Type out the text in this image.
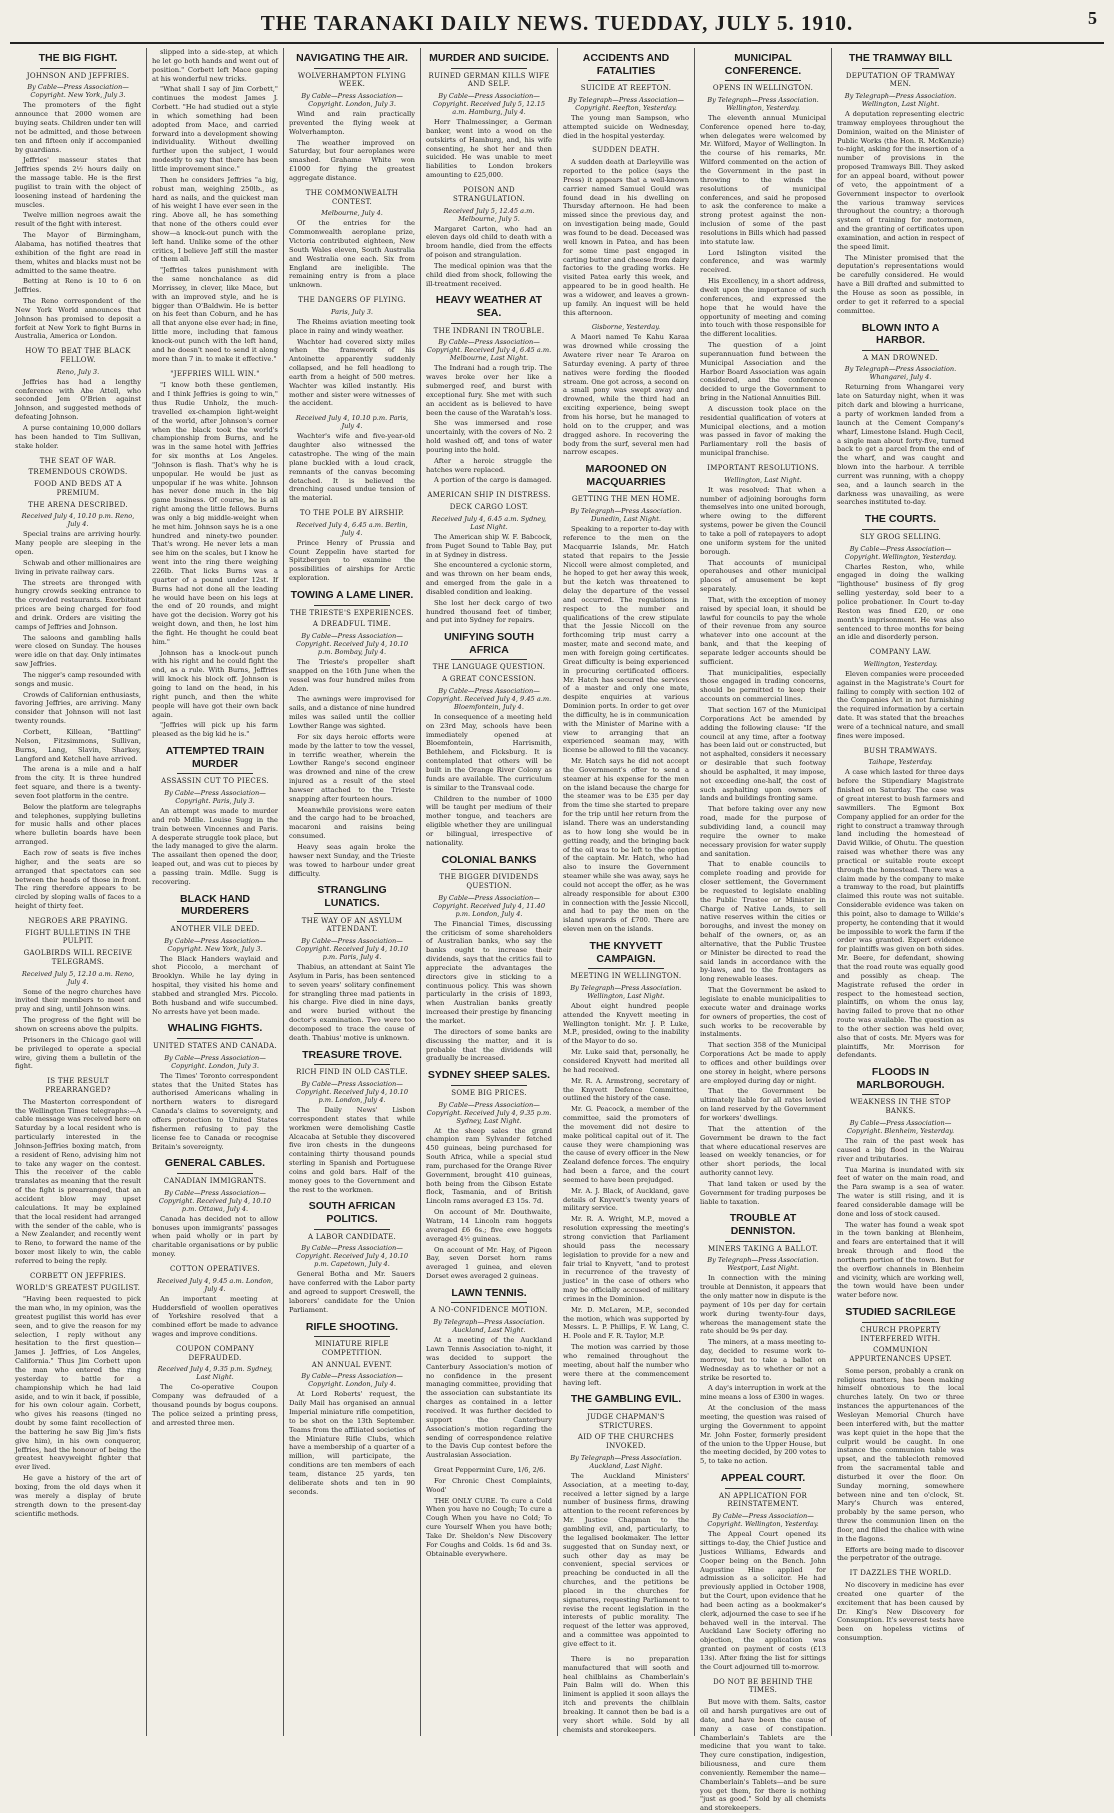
THE TARANAKI DAILY NEWS. TUEDDAY, JULY 5. 1910.	5
THE BIG FIGHT.
JOHNSON AND JEFFRIES.
By Cable—Press Association—Copyright. New York, July 3.

The promoters of the fight announce that 2000 women are buying seats. Children under ten will not be admitted, and those between ten and fifteen only if accompanied by guardians.

Jeffries' masseur states that Jeffries spends 2½ hours daily on the massage table. He is the first pugilist to train with the object of loosening instead of hardening the muscles.

Twelve million negroes await the result of the fight with interest.

The Mayor of Birmingham, Alabama, has notified theatres that exhibition of the fight are read in them, whites and blacks must not be admitted to the same theatre.

Betting at Reno is 10 to 6 on Jeffries.

The Reno correspondent of the New York World announces that Johnson has promised to deposit a forfeit at New York to fight Burns in Australia, America or London.

HOW TO BEAT THE BLACK FELLOW.
Reno, July 3.

Jeffries has had a lengthy conference with Abe Attell, who seconded Jem O'Brien against Johnson, and suggested methods of defeating Johnson.

A purse containing 10,000 dollars has been handed to Tim Sullivan, stake holder.

THE SEAT OF WAR.
TREMENDOUS CROWDS.
FOOD AND BEDS AT A PREMIUM.
THE ARENA DESCRIBED.
Received July 4, 10.10 p.m. Reno, July 4.

Special trains are arriving hourly. Many people are sleeping in the open.

Schwab and other millionaires are living in private railway cars.

The streets are thronged with hungry crowds seeking entrance to the crowded restaurants. Exorbitant prices are being charged for food and drink. Orders are visiting the camps of Jeffries and Johnson.

The saloons and gambling halls were closed on Sunday. The houses were idle on that day. Only intimates saw Jeffries.

The nigger's camp resounded with songs and music.

Crowds of Californian enthusiasts, favoring Jeffries, are arriving. Many consider that Johnson will not last twenty rounds.

Corbett, Killean, "Battling" Nelson, Fitzsimmons, Sullivan, Burns, Lang, Slavin, Sharkey, Langford and Ketchell have arrived.

The arena is a mile and a half from the city. It is three hundred feet square, and there is a twenty-seven foot platform in the centre.

Below the platform are telegraphs and telephones, supplying bulletins for music halls and other places where bulletin boards have been arranged.

Each row of seats is five inches higher, and the seats are so arranged that spectators can see between the heads of those in front. The ring therefore appears to be circled by sloping walls of faces to a height of thirty feet.

NEGROES ARE PRAYING.
FIGHT BULLETINS IN THE PULPIT.
GAOLBIRDS WILL RECEIVE TELEGRAMS.
Received July 5, 12.10 a.m. Reno, July 4.

Some of the negro churches have invited their members to meet and pray and sing, until Johnson wins.

The progress of the fight will be shown on screens above the pulpits.

Prisoners in the Chicago gaol will be privileged to operate a special wire, giving them a bulletin of the fight.

IS THE RESULT PREARRANGED?

The Masterton correspondent of the Wellington Times telegraphs:—A cable message was received here on Saturday by a local resident who is particularly interested in the Johnson-Jeffries boxing match, from a resident of Reno, advising him not to take any wager on the contest. This the receiver of the cable translates as meaning that the result of the fight is prearranged, that an accident blow may upset calculations. It may be explained that the local resident had arranged with the sender of the cable, who is a New Zealander, and recently went to Reno, to forward the name of the boxer most likely to win, the cable referred to being the reply.

CORBETT ON JEFFRIES.
WORLD'S GREATEST PUGILIST.

"Having been requested to pick the man who, in my opinion, was the greatest pugilist this world has ever seen, and to give the reason for my selection, I reply without any hesitation to the first question—James J. Jeffries, of Los Angeles, California." Thus Jim Corbett upon the man who entered the ring yesterday to battle for a championship which he had laid aside, and to win it back, if possible, for his own colour again. Corbett, who gives his reasons (tinged no doubt by some faint recollection of the battering he saw Big Jim's fists give him), in his own conqueror, Jeffries, had the honour of being the greatest heavyweight fighter that ever lived.

He gave a history of the art of boxing, from the old days when it was merely a display of brute strength down to the present-day scientific methods.

slipped into a side-step, at which he let go both hands and went out of position." Corbett left Mace gaping at his wonderful new tricks.

"What shall I say of Jim Corbett," continues the modest James J. Corbett. "He had studied out a style in which something had been adopted from Mace, and carried forward into a development showing individuality. Without dwelling further upon the subject, I would modestly to say that there has been little improvement since."

Then he considers Jeffries "a big, robust man, weighing 250lb., as hard as nails, and the quickest man of his weight I have ever seen in the ring. Above all, he has something that none of the others could ever show—a knock-out punch with the left hand. Unlike some of the other critics, I believe Jeff still the master of them all.

"Jeffries takes punishment with the same nonchalance as did Morrissey, in clever, like Mace, but with an improved style, and he is bigger than O'Baldwin. He is better on his feet than Coburn, and he has all that anyone else ever had; in fine, little more, including that famous knock-out punch with the left hand, and he doesn't need to send it along more than 7 in. to make it effective."

"JEFFRIES WILL WIN."

"I know both these gentlemen, and I think Jeffries is going to win," thus Rudie Unholz, the much-travelled ex-champion light-weight of the world, after Johnson's corner when the black took the world's championship from Burns, and he was in the same hotel with Jeffries for six months at Los Angeles. "Johnson is flash. That's why he is unpopular. He would be just as unpopular if he was white. Johnson has never done much in the big game business. Of course, he is all right among the little fellows. Burns was only a big middle-weight when he met him. Johnson says he is a one hundred and ninety-two pounder. That's wrong. He never lets a man see him on the scales, but I know he went into the ring there weighing 226lb. That licks Burns was a quarter of a pound under 12st. If Burns had not done all the leading he would have been on his legs at the end of 20 rounds, and might have got the decision. Worry got his weight down, and then, he lost him the fight. He thought he could beat him."

Johnson has a knock-out punch with his right and he could fight the end, as a rule. With Burns, Jeffries will knock his block off. Johnson is going to land on the head, in his right punch, and then the white people will have got their own back again.

"Jeffries will pick up his farm pleased as the big kid he is."

ATTEMPTED TRAIN MURDER
ASSASSIN CUT TO PIECES.
By Cable—Press Association—Copyright. Paris, July 3.

An attempt was made to murder and rob Mdlle. Louise Sugg in the train between Vincennes and Paris. A desperate struggle took place, but the lady managed to give the alarm. The assailant then opened the door, leaped out, and was cut to pieces by a passing train. Mdlle. Sugg is recovering.

BLACK HAND MURDERERS
ANOTHER VILE DEED.
By Cable—Press Association—Copyright. New York, July 3.

The Black Handers waylaid and shot Piccolo, a merchant of Brooklyn. While he lay dying in hospital, they visited his home and stabbed and strangled Mrs. Piccolo. Both husband and wife succumbed. No arrests have yet been made.

WHALING FIGHTS.
UNITED STATES AND CANADA.
By Cable—Press Association—Copyright. London, July 3.

The Times' Toronto correspondent states that the United States has authorised Americans whaling in northern waters to disregard Canada's claims to sovereignty, and offers protection to United States fishermen refusing to pay the license fee to Canada or recognise Britain's sovereignty.

GENERAL CABLES.
CANADIAN IMMIGRANTS.
By Cable—Press Association—Copyright. Received July 4, 10.10 p.m. Ottawa, July 4.

Canada has decided not to allow bonuses upon immigrants' passages when paid wholly or in part by charitable organisations or by public money.

COTTON OPERATIVES.
Received July 4, 9.45 a.m. London, July 4.

An important meeting at Huddersfield of woollen operatives of Yorkshire resolved that a combined effort be made to advance wages and improve conditions.

COUPON COMPANY DEFRAUDED.
Received July 4, 9.35 p.m. Sydney, Last Night.

The Co-operative Coupon Company was defrauded of a thousand pounds by bogus coupons. The police seized a printing press, and arrested three men.

NAVIGATING THE AIR.
WOLVERHAMPTON FLYING WEEK.
By Cable—Press Association—Copyright. London, July 3.

Wind and rain practically prevented the flying week at Wolverhampton.

The weather improved on Saturday, but four aeroplanes were smashed. Grahame White won £1000 for flying the greatest aggregate distance.

THE COMMONWEALTH CONTEST.
Melbourne, July 4.

Of the entries for the Commonwealth aeroplane prize, Victoria contributed eighteen, New South Wales eleven, South Australia and Westralia one each. Six from England are ineligible. The remaining entry is from a place unknown.

THE DANGERS OF FLYING.
Paris, July 3.

The Rheims aviation meeting took place in rainy and windy weather.

Wachter had covered sixty miles when the framework of his Antoinette apparently suddenly collapsed, and he fell headlong to earth from a height of 500 metres. Wachter was killed instantly. His mother and sister were witnesses of the accident.

Received July 4, 10.10 p.m. Paris, July 4.

Wachter's wife and five-year-old daughter also witnessed the catastrophe. The wing of the main plane buckled with a loud crack, remnants of the canvas becoming detached. It is believed the drenching caused undue tension of the material.

TO THE POLE BY AIRSHIP.
Received July 4, 6.45 a.m. Berlin, July 4.

Prince Henry of Prussia and Count Zeppelin have started for Spitzbergen to examine the possibilities of airships for Arctic exploration.

TOWING A LAME LINER.
THE TRIESTE'S EXPERIENCES.
A DREADFUL TIME.
By Cable—Press Association—Copyright. Received July 4, 10.10 p.m. Bombay, July 4.

The Trieste's propeller shaft snapped on the 16th June when the vessel was four hundred miles from Aden.

The awnings were improvised for sails, and a distance of nine hundred miles was sailed until the collier Lowther Range was sighted.

For six days heroic efforts were made by the latter to tow the vessel, in terrific weather, wherein the Lowther Range's second engineer was drowned and nine of the crew injured as a result of the steel hawser attached to the Trieste snapping after fourteen hours.

Meanwhile provisions were eaten and the cargo had to be broached, macaroni and raisins being consumed.

Heavy seas again broke the hawser next Sunday, and the Trieste was towed to harbour under great difficulty.

STRANGLING LUNATICS.
THE WAY OF AN ASYLUM ATTENDANT.
By Cable—Press Association—Copyright. Received July 4, 10.10 p.m. Paris, July 4.

Thabius, an attendant at Saint Yle Asylum in Paris, has been sentenced to seven years' solitary confinement for strangling three mad patients in his charge. Five died in nine days, and were buried without the doctor's examination. Two were too decomposed to trace the cause of death. Thabius' motive is unknown.

TREASURE TROVE.
RICH FIND IN OLD CASTLE.
By Cable—Press Association—Copyright. Received July 4, 10.10 p.m. London, July 4.

The Daily News' Lisbon correspondent states that while workmen were demolishing Castle Alcacaba at Setuble they discovered five iron chests in the dungeons containing thirty thousand pounds sterling in Spanish and Portuguese coins and gold bars. Half of the money goes to the Government and the rest to the workmen.

SOUTH AFRICAN POLITICS.
A LABOR CANDIDATE.
By Cable—Press Association—Copyright. Received July 4, 10.10 p.m. Capetown, July 4.

General Botha and Mr. Sauers have conferred with the Labor party and agreed to support Creswell, the laborers' candidate for the Union Parliament.

RIFLE SHOOTING.
MINIATURE RIFLE COMPETITION.
AN ANNUAL EVENT.
By Cable—Press Association—Copyright. London, July 4.

At Lord Roberts' request, the Daily Mail has organised an annual Imperial miniature rifle competition, to be shot on the 13th September. Teams from the affiliated societies of the Miniature Rifle Clubs, which have a membership of a quarter of a million, will participate, the conditions are ten members of each team, distance 25 yards, ten deliberate shots and ten in 90 seconds.

MURDER AND SUICIDE.
RUINED GERMAN KILLS WIFE AND SELF.
By Cable—Press Association—Copyright. Received July 5, 12.15 a.m. Hamburg, July 4.

Herr Thalmessinger, a German banker, went into a wood on the outskirts of Hamburg, and, his wife consenting, he shot her and then suicided. He was unable to meet liabilities to London brokers amounting to £25,000.

POISON AND STRANGULATION.
Received July 5, 12.45 a.m. Melbourne, July 5.

Margaret Carton, who had an eleven days old child to death with a broom handle, died from the effects of poison and strangulation.

The medical opinion was that the child died from shock, following the ill-treatment received.

HEAVY WEATHER AT SEA.
THE INDRANI IN TROUBLE.
By Cable—Press Association—Copyright. Received July 4, 6.45 a.m. Melbourne, Last Night.

The Indrani had a rough trip. The waves broke over her like a submerged reef, and burst with exceptional fury. She met with such an accident as is believed to have been the cause of the Waratah's loss.

She was immersed and rose uncertainly, with the covers of No. 2 hold washed off, and tons of water pouring into the hold.

After a heroic struggle the hatches were replaced.

A portion of the cargo is damaged.

AMERICAN SHIP IN DISTRESS.
DECK CARGO LOST.
Received July 4, 6.45 a.m. Sydney, Last Night.

The American ship W. F. Babcock, from Puget Sound to Table Bay, put in at Sydney in distress.

She encountered a cyclonic storm, and was thrown on her beam ends, and emerged from the gale in a disabled condition and leaking.

She lost her deck cargo of two hundred thousand feet of timber, and put into Sydney for repairs.

UNIFYING SOUTH AFRICA
THE LANGUAGE QUESTION.
A GREAT CONCESSION.
By Cable—Press Association—Copyright. Received July 4, 9.45 a.m. Bloemfontein, July 4.

In consequence of a meeting held on 23rd May, schools have been immediately opened at Bloemfontein, Harrismith, Bethlehem, and Ficksburg. It is contemplated that others will be built in the Orange River Colony as funds are available. The curriculum is similar to the Transvaal code.

Children to the number of 1000 will be taught per medium of their mother tongue, and teachers are eligible whether they are unilingual or bilingual, irrespective of nationality.

COLONIAL BANKS
THE BIGGER DIVIDENDS QUESTION.
By Cable—Press Association—Copyright. Received July 4, 11.40 p.m. London, July 4.

The Financial Times, discussing the criticism of some shareholders of Australian banks, who say the banks ought to increase their dividends, says that the critics fail to appreciate the advantages the directors give in sticking to a continuous policy. This was shown particularly in the crisis of 1893, when Australian banks greatly increased their prestige by financing the market.

The directors of some banks are discussing the matter, and it is probable that the dividends will gradually be increased.

SYDNEY SHEEP SALES.
SOME BIG PRICES.
By Cable—Press Association—Copyright. Received July 4, 9.35 p.m. Sydney, Last Night.

At the sheep sales the grand champion ram Sylvander fetched 450 guineas, being purchased for South Africa, while a special stud ram, purchased for the Orange River Government, brought 410 guineas, both being from the Gibson Estate flock, Tasmania, and of British Lincoln rams averaged £3 15s. 7d.

On account of Mr. Douthwaite, Watram, 14 Lincoln ram hoggets averaged £6 6s.; five ewe hoggets averaged 4½ guineas.

On account of Mr. Hay, of Pigeon Bay, seven Dorset horn rams averaged 1 guinea, and eleven Dorset ewes averaged 2 guineas.

LAWN TENNIS.
A NO-CONFIDENCE MOTION.
By Telegraph—Press Association. Auckland, Last Night.

At a meeting of the Auckland Lawn Tennis Association to-night, it was decided to support the Canterbury Association's motion of no confidence in the present managing committee, providing that the association can substantiate its charges as contained in a letter received. It was further decided to support the Canterbury Association's motion regarding the sending of correspondence relative to the Davis Cup contest before the Australasian Association.

Great Peppermint Cure, 1/6, 2/6.

For Chronic Chest Complaints, Wood'

THE ONLY CURE. To cure a Cold When you have no Cough; To cure a Cough When you have no Cold; To cure Yourself When you have both; Take Dr. Sheldon's New Discovery For Coughs and Colds. 1s 6d and 3s. Obtainable everywhere.

ACCIDENTS AND FATALITIES
SUICIDE AT REEFTON.
By Telegraph—Press Association—Copyright. Reefton, Yesterday.

The young man Sampson, who attempted suicide on Wednesday, died in the hospital yesterday.

SUDDEN DEATH.

A sudden death at Darleyville was reported to the police (says the Press) it appears that a well-known carrier named Samuel Gould was found dead in his dwelling on Thursday afternoon. He had been missed since the previous day, and on investigation being made, Gould was found to be dead. Deceased was well known in Patea, and has been for some time past engaged in carting butter and cheese from dairy factories to the grading works. He visited Patea early this week, and appeared to be in good health. He was a widower, and leaves a grown-up family. An inquest will be held this afternoon.

Gisborne, Yesterday.

A Maori named Te Kahu Karaa was drowned while crossing the Awatere river near Te Araroa on Saturday evening. A party of three natives were fording the flooded stream. One got across, a second on a small pony was swept away and drowned, while the third had an exciting experience, being swept from his horse, but he managed to hold on to the crupper, and was dragged ashore. In recovering the body from the surf, several men had narrow escapes.

MAROONED ON MACQUARRIES
GETTING THE MEN HOME.
By Telegraph—Press Association. Dunedin, Last Night.

Speaking to a reporter to-day with reference to the men on the Macquarrie Islands, Mr. Hatch stated that repairs to the Jessie Niccoll were almost completed, and he hoped to get her away this week, but the ketch was threatened to delay the departure of the vessel and occurred. The regulations in respect to the number and qualifications of the crew stipulate that the Jessie Niccoll on the forthcoming trip must carry a master, mate and second mate, and men with foreign going certificates. Great difficulty is being experienced in procuring certificated officers. Mr. Hatch has secured the services of a master and only one mate, despite enquiries at various Dominion ports. In order to get over the difficulty, he is in communication with the Minister of Marine with a view to arranging that an experienced seaman may, with license be allowed to fill the vacancy.

Mr. Hatch says he did not accept the Government's offer to send a steamer at his expense for the men on the island because the charge for the steamer was to be £35 per day from the time she started to prepare for the trip until her return from the island. There was an understanding as to how long she would be in getting ready, and the bringing back of the oil was to be left to the option of the captain. Mr. Hatch, who had also to insure the Government steamer while she was away, says he could not accept the offer, as he was already responsible for about £300 in connection with the Jessie Niccoll, and had to pay the men on the island upwards of £700. There are eleven men on the islands.

THE KNYVETT CAMPAIGN.
MEETING IN WELLINGTON.
By Telegraph—Press Association. Wellington, Last Night.

About eight hundred people attended the Knyvett meeting in Wellington tonight. Mr. J. P. Luke, M.P., presided, owing to the inability of the Mayor to do so.

Mr. Luke said that, personally, he considered Knyvett had merited all he had received.

Mr. R. A. Armstrong, secretary of the Knyvett Defence Committee, outlined the history of the case.

Mr. G. Peacock, a member of the committee, said the promoters of the movement did not desire to make political capital out of it. The cause they were championing was the cause of every officer in the New Zealand defence forces. The enquiry had been a farce, and the court seemed to have been prejudged.

Mr. A. J. Black, of Auckland, gave details of Knyvett's twenty years of military service.

Mr. R. A. Wright, M.P., moved a resolution expressing the meeting's strong conviction that Parliament should pass the necessary legislation to provide for a new and fair trial to Knyvett, "and to protest in recurrence of the travesty of justice" in the case of others who may be officially accused of military crimes in the Dominion.

Mr. D. McLaren, M.P., seconded the motion, which was supported by Messrs. L. P. Phillips, F. W. Lang, C. H. Poole and F. R. Taylor, M.P.

The motion was carried by those who remained throughout the meeting, about half the number who were there at the commencement having left.

THE GAMBLING EVIL.
JUDGE CHAPMAN'S STRICTURES.
AID OF THE CHURCHES INVOKED.
By Telegraph—Press Association. Auckland, Last Night.

The Auckland Ministers' Association, at a meeting to-day, received a letter signed by a large number of business firms, drawing attention to the recent references by Mr. Justice Chapman to the gambling evil, and, particularly, to the legalised bookmaker. The letter suggested that on Sunday next, or such other day as may be convenient, special services or preaching be conducted in all the churches, and the petitions be placed in the churches for signatures, requesting Parliament to revise the recent legislation in the interests of public morality. The request of the letter was approved, and a committee was appointed to give effect to it.

There is no preparation manufactured that will sooth and heal chilblains as Chamberlain's Pain Balm will do. When this liniment is applied it soon allays the itch and prevents the chilblain breaking. It cannot then be bad is a very short while. Sold by all chemists and storekeepers.

MUNICIPAL CONFERENCE.
OPENS IN WELLINGTON.
By Telegraph—Press Association. Wellington, Yesterday.

The eleventh annual Municipal Conference opened here to-day, when delegates were welcomed by Mr. Wilford, Mayor of Wellington. In the course of his remarks, Mr. Wilford commented on the action of the Government in the past in throwing to the winds the resolutions of municipal conferences, and said he proposed to ask the conference to make a strong protest against the non-inclusion of some of the past resolutions in Bills which had passed into statute law.

Lord Islington visited the conference, and was warmly received.

His Excellency, in a short address, dwelt upon the importance of such conferences, and expressed the hope that he would have the opportunity of meeting and coming into touch with those responsible for the different localities.

The question of a joint superannuation fund between the Municipal Association and the Harbor Board Association was again considered, and the conference decided to urge the Government to bring in the National Annuities Bill.

A discussion took place on the residential qualification of voters at Municipal elections, and a motion was passed in favor of making the Parliamentary roll the basis of municipal franchise.

IMPORTANT RESOLUTIONS.
Wellington, Last Night.

It was resolved: That when a number of adjoining boroughs form themselves into one united borough, where owing to the different systems, power be given the Council to take a poll of ratepayers to adopt one uniform system for the united borough.

That accounts of municipal operahouses and other municipal places of amusement be kept separately.

That, with the exception of money raised by special loan, it should be lawful for councils to pay the whole of their revenue from any source whatever into one account at the bank, and that the keeping of separate ledger accounts should be sufficient.

That municipalities, especially those engaged in trading concerns, should be permitted to keep their accounts on commercial lines.

That section 167 of the Municipal Corporations Act be amended by adding the following clause: "If the council at any time, after a footway has been laid out or constructed, but not asphalted, considers it necessary or desirable that such footway should be asphalted, it may impose, not exceeding one-half, the cost of such asphalting upon owners of lands and buildings fronting same.

That before taking over any new road, made for the purpose of subdividing land, a council may require the owner to make necessary provision for water supply and sanitation.

That to enable councils to complete roading and provide for closer settlement, the Government be requested to legislate enabling the Public Trustee or Minister in Charge of Native Lands, to sell native reserves within the cities or boroughs, and invest the money on behalf of the owners, or, as an alternative, that the Public Trustee or Minister be directed to read the said lands in accordance with the by-laws, and to the frontagers as long renewable leases.

That the Government be asked to legislate to enable municipalities to execute water and drainage works for owners of properties, the cost of such works to be recoverable by instalments.

That section 358 of the Municipal Corporations Act be made to apply to offices and other buildings over one storey in height, where persons are employed during day or night.

That the Government be ultimately liable for all rates levied on land reserved by the Government for workers' dwellings.

That the attention of the Government be drawn to the fact that where educational reserves are leased on weekly tenancies, or for other short periods, the local authority cannot levy.

That land taken or used by the Government for trading purposes be liable to taxation.

TROUBLE AT DENNISTON.
MINERS TAKING A BALLOT.
By Telegraph—Press Association. Westport, Last Night.

In connection with the mining trouble at Denniston, it appears that the only matter now in dispute is the payment of 10s per day for certain work during twenty-four days, whereas the management state the rate should be 9s per day.

The miners, at a mass meeting to-day, decided to resume work to-morrow, but to take a ballot on Wednesday as to whether or not a strike be resorted to.

A day's interruption in work at the mine means a loss of £300 in wages.

At the conclusion of the mass meeting, the question was raised of urging the Government to appoint Mr. John Foster, formerly president of the union to the Upper House, but the meeting decided, by 200 votes to 5, to take no action.

APPEAL COURT.
AN APPLICATION FOR REINSTATEMENT.
By Cable—Press Association—Copyright. Wellington, Yesterday.

The Appeal Court opened its sittings to-day, the Chief Justice and Justices Williams, Edwards and Cooper being on the Bench. John Augustine Hine applied for admission as a solicitor. He had previously applied in October 1908, but the Court, upon evidence that he had been acting as a bookmaker's clerk, adjourned the case to see if he behaved well in the interval. The Auckland Law Society offering no objection, the application was granted on payment of costs (£13 13s). After fixing the list for sittings the Court adjourned till to-morrow.

DO NOT BE BEHIND THE TIMES.

But move with them. Salts, castor oil and harsh purgatives are out of date, and have been the cause of many a case of constipation. Chamberlain's Tablets are the medicine that you want to take. They cure constipation, indigestion, biliousness, and cure them conveniently. Remember the name—Chamberlain's Tablets—and be sure you get them, for there is nothing "just as good." Sold by all chemists and storekeepers.

THE TRAMWAY BILL
DEPUTATION OF TRAMWAY MEN.
By Telegraph—Press Association. Wellington, Last Night.

A deputation representing electric tramway employees throughout the Dominion, waited on the Minister of Public Works (the Hon. R. McKenzie) to-night, asking for the insertion of a number of provisions in the proposed Tramways Bill. They asked for an appeal board, without power of veto, the appointment of a Government inspector to overlook the various tramway services throughout the country; a thorough system of training for motormen, and the granting of certificates upon examination, and action in respect of the speed limit.

The Minister promised that the deputation's representations would be carefully considered. He would have a Bill drafted and submitted to the House as soon as possible, in order to get it referred to a special committee.

BLOWN INTO A HARBOR.
A MAN DROWNED.
By Telegraph—Press Association. Whangarei, July 4.

Returning from Whangarei very late on Saturday night, when it was pitch dark and blowing a hurricane, a party of workmen landed from a launch at the Cement Company's wharf, Limestone Island. Hugh Cecil, a single man about forty-five, turned back to get a parcel from the end of the wharf, and was caught and blown into the harbour. A terrible current was running, with a choppy sea, and a launch search in the darkness was unavailing, as were searches instituted to-day.

THE COURTS.
SLY GROG SELLING.
By Cable—Press Association—Copyright. Wellington, Yesterday.

Charles Reston, who, while engaged in doing the walking "lighthouse" business of fly grog selling yesterday, sold beer to a police probationer. In Court to-day Reston was fined £20, or one month's imprisonment. He was also sentenced to three months for being an idle and disorderly person.

COMPANY LAW.
Wellington, Yesterday.

Eleven companies were proceeded against in the Magistrate's Court for failing to comply with section 102 of the Companies Act in not furnishing the required information by a certain date. It was stated that the breaches were of a technical nature, and small fines were imposed.

BUSH TRAMWAYS.
Taihape, Yesterday.

A case which lasted for three days before the Stipendiary Magistrate finished on Saturday. The case was of great interest to bush farmers and sawmillers. The Egmont Box Company applied for an order for the right to construct a tramway through land including the homestead of David Wilkie, of Ohutu. The question raised was whether there was any practical or suitable route except through the homestead. There was a claim made by the company to make a tramway to the road, but plaintiffs claimed this route was not suitable. Considerable evidence was taken on this point, also to damage to Wilkie's property, he contending that it would be impossible to work the farm if the order was granted. Expert evidence for plaintiffs was given on both sides. Mr. Beere, for defendant, showing that the road route was equally good and possibly as cheap. The Magistrate refused the order in respect to the homestead section, plaintiffs, on whom the onus lay, having failed to prove that no other route was available. The question as to the other section was held over, also that of costs. Mr. Myers was for plaintiffs, Mr. Morrison for defendants.

FLOODS IN MARLBOROUGH.
WEAKNESS IN THE STOP BANKS.
By Cable—Press Association—Copyright. Blenheim, Yesterday.

The rain of the past week has caused a big flood in the Wairau river and tributaries.

Tua Marina is inundated with six feet of water on the main road, and the Para swamp is a sea of water. The water is still rising, and it is feared considerable damage will be done and loss of stock caused.

The water has found a weak spot in the town banking at Blenheim, and fears are entertained that it will break through and flood the northern portion of the town. But for the overflow channels in Blenheim and vicinity, which are working well, the town would have been under water before now.

STUDIED SACRILEGE
CHURCH PROPERTY INTERFERED WITH.
COMMUNION APPURTENANCES UPSET.

Some person, probably a crank on religious matters, has been making himself obnoxious to the local churches lately. On two or three instances the appurtenances of the Wesleyan Memorial Church have been interfered with, but the matter was kept quiet in the hope that the culprit would be caught. In one instance the communion table was upset, and the tablecloth removed from the sacramental table and disturbed it over the floor. On Sunday morning, somewhere between nine and ten o'clock, St. Mary's Church was entered, probably by the same person, who threw the communion linen on the floor, and filled the chalice with wine in the flagons.

Efforts are being made to discover the perpetrator of the outrage.

IT DAZZLES THE WORLD.

No discovery in medicine has ever created one quarter of the excitement that has been caused by Dr. King's New Discovery for Consumption. It's severest tests have been on hopeless victims of consumption.
